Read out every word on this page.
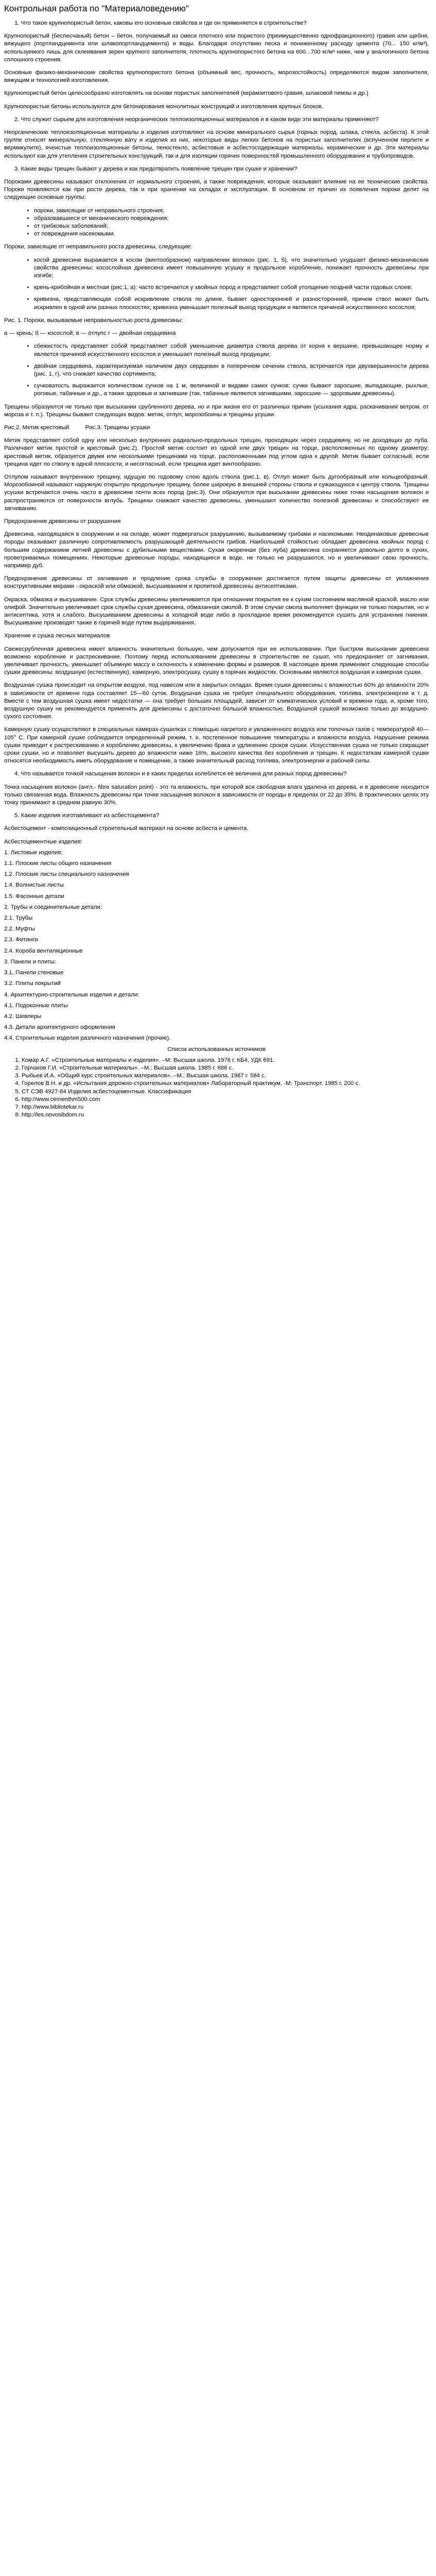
Контрольная работа по "Материаловедению"

1. Что такое крупнопористый бетон, каковы его основные свойства и где он применяется в строительстве?

Крупнопористый (беспесчаный) бетон – бетон, получаемый из смеси плотного или пористого (преимущественно однофракционного) гравия или щебня, вяжущего (портландцемента или шлакопортландцемента) и воды. Благодаря отсутствию песка и пониженному расходу цемента (70... 150 кг/м³), используемого лишь для склеивания зерен крупного заполнителя, плотность крупнопористого бетона на 600...700 кг/м³ ниже, чем у аналогичного бетона сплошного строения.

Основные физико-механические свойства крупнопористого бетона (объемный вес, прочность, морозостойкость) определяются видом заполнителя, вяжущим и технологией изготовления.

Крупнопористый бетон целесообразно изготовлять на основе пористых заполнителей (керамзитового гравия, шлаковой пемзы и др.)

Крупнопористые бетоны используются для бетонирования монолитных конструкций и изготовления крупных блоков.

2. Что служит сырьем для изготовления неорганических теплоизоляционных материалов и в каком виде эти материалы применяют?

Неорганические теплоизоляционные материалы и изделия изготовляют на основе минерального сырья (горных пород, шлака, стекла, асбеста). К этой группе относят минеральную, стеклянную вату и изделия из них, некоторые виды легких бетонов на пористых заполнителях (вспученном перлите и вермикулите), ячеистые теплоизоляционные бетоны, пеностекло, асбестовые и асбестосодержащие материалы, керамические и др. Эти материалы используют как для утепления строительных конструкций, так и для изоляции горячих поверхностей промышленного оборудования и трубопроводов.

3. Какие виды трещин бывают у дерева и как предотвратить появление трещин при сушке и хранении?

Пороками древесины называют отклонения от нормального строения, а также повреждения, которые оказывают влияние на ее технические свойства. Пороки появляются как при росте дерева, так и при хранении на складах и эксплуатации. В основном от причин их появления пороки делят на следующие основные группы:

• пороки, зависящие от неправильного строения;
• образовавшиеся от механического повреждения;
• от грибковых заболеваний;
• от повреждения насекомыми.

Пороки, зависящие от неправильного роста древесины, следующие:

• косой древесине выражается в косом (винтообразном) направлении волокон (рис. 1, б), что значительно ухудшает физико-механические свойства древесины: косослойная древесина имеет повышенную усушку и продольное коробление, понижает прочность древесины при изгибе;
• крень-крибойная и местная (рис.1, а): часто встречается у хвойных пород и представляет собой утолщение поздней части годовых слоев;
• кривизна, представляющая собой искривление ствола по длине, бывает односторонней и разносторонней, причем ствол может быть искривлен в одной или разных плоскостях; кривизна уменьшает полезный выход продукции и является причиной искусственного косослоя;

Рис. 1. Пороки, вызываемые неправильностью роста древесины:

а — крень; б — косослой; в — отлупс г — двойная сердцевина

• сбежистость представляет собой представляет собой уменьшение диаметра ствола дерева от корня к вершине, превышающее норму и является причиной искусственного косослоя и уменьшает полезный выход продукции;
• двойная сердцевина, характеризуемая наличием двух сердцевин в поперечном сечении ствола, встречается при двухвершинности дерева (рис. 1, г), что снижает качество сортимента;
• сучковатость выражается количеством сучков на 1 м, величиной и видами самих сучков; сучки бывают заросшие, выпадающие, рыхлые, роговые, табачные и др., а также здоровые и загнившие (так, табачные являются загнившими, заросшие — здоровыми древесины).

Трещины образуются не только при высыхании срубленного дерева, но и при жизни его от различных причин (усыхания ядра, раскачивания ветром, от мороза и т. п.). Трещины бывают следующих видов: метик, отлуп, морозобоины и трещины усушки.

Рис.2. Метик крестовый          Рис.3. Трещины усушки

Метик представляет собой одну или несколько внутренних радиально-продольных трещин, проходящих через сердцевину, но не доходящих до луба. Различают метик простой и крестовый (рис.2). Простой метик состоит из одной или двух трещин на торце, расположенных по одному диаметру; крестовый метик, образуется двумя или несколькими трещинами на торце, расположенными под углом одна к другой. Метик бывает согласный, если трещина идет по стволу в одной плоскости, и несогласный, если трещина идет винтообразно.

Отлупом называют внутреннюю трещину, идущую по годовому слою вдоль ствола (рис.1, в). Отлуп может быть дугообразный или кольцеобразный. Морозобоиной называют наружную открытую продольную трещину, более широкую в внешней стороны ствола и сужающуюся к центру ствола. Трещины усушки встречаются очень часто в древесине почти всех пород (рис.3). Они образуются при высыхании древесины ниже точки насыщения волокон и распространяются от поверхности вглубь. Трещины снижают качество древесины, уменьшают количество полезной древесины и способствуют ее загниванию.

Предохранение древесины от разрушения

Древесина, находящаяся в сооружении и на складе, может подвергаться разрушению, вызываемому грибами и насекомыми. Неодинаковые древесные породы оказывают различную сопротивляемость разрушающей деятельности грибов. Наибольшей стойкостью обладает древесина хвойных пород с большим содержанием летней древесины с дубильными веществами. Сухая окоренная (без луба) древесина сохраняется довольно долго в сухих, проветриваемых помещениях. Некоторые древесные породы, находящиеся в воде, не только не разрушаются, но и увеличивают свою прочность, например дуб.

Предохранение древесины от загнивания и продление срока службы в сооружении достигается путем защиты древесины от увлажнения конструктивными мерами - окраской или обмазкой, высушиванием и пропиткой древесины антисептиками.

Окраска, обмазка и высушивание. Срок службы древесины увеличивается при отношении покрытия ее к сухим состоянием масляной краской, масло или олифой. Значительно увеличивает срок службы сухая древесина, обмазанная смолой. В этом случае смола выполняет функции не только покрытия, но и антисептика, хотя и слабого. Высушиванием древесины в холодной воде либо в прохладное время рекомендуется сушить для устранения гниения. Высушивание производят также в горячей воде путем выдерживания.

Хранение и сушка лесных материалов

Свежесрубленная древесина имеет влажность значительно большую, чем допускается при ее использовании. При быстром высыхании древесина возможно коробление и растрескивание. Поэтому перед использованием древесины в строительстве ее сушат, что предохраняет от загнивания, увеличивает прочность, уменьшает объемную массу и склонность к изменению формы и размеров. В настоящее время применяют следующие способы сушки древесины: воздушную (естественную), камерную, электросушку, сушку в горячих жидкостях. Основными являются воздушная и камерная сушки.

Воздушная сушка происходит на открытом воздухе, под навесом или в закрытых складах. Время сушки древесины с влажностью 60% до влажности 20% в зависимости от времени года составляет 15—60 суток. Воздушная сушка не требует специального оборудования, топлива, электроэнергии и т. д. Вместе с тем воздушная сушка имеет недостатки — она требует больших площадей, зависит от климатических условий и времени года, и, кроме того, воздушную сушку не рекомендуется применять для древесины с достаточно большой влажностью. Воздушной сушкой возможно только до воздушно-сухого состояния.

Камерную сушку осуществляют в специальных камерах-сушилках с помощью нагретого и увлажненного воздуха или топочных газов с температурой 40—105° С. При камерной сушке соблюдается определенный режим, т. е. постепенное повышение температуры и влажности воздуха. Нарушение режима сушки приводит к растрескиванию и короблению древесины, к увеличению брака и удлинению сроков сушки. Искусственная сушка не только сокращает сроки сушки, но и позволяет высушить дерево до влажности ниже 16%, высокого качества без коробления и трещин. К недостаткам камерной сушки относятся необходимость иметь оборудование и помещение, а также значительный расход топлива, электроэнергии и рабочей силы.

4. Что называется точкой насыщения волокон и в каких пределах колеблется её величина для разных пород древесины?

Точка насыщения волокон (англ.- fibre saturation point) - это та влажность, при которой вся свободная влага удалена из дерева, и в древесине находится только связанная вода. Влажность древесины при точке насыщения волокон в зависимости от породы в пределах от 22 до 35%. В практических целях эту точку принимают в среднем равную 30%.

5. Какие изделия изготавливают из асбестоцемента?

Асбестоцемент - композиционный строительный материал на основе асбеста и цемента.

Асбестоцементные изделия:

1. Листовые изделия:

1.1. Плоские листы общего назначения

1.2. Плоские листы специального назначения

1.4. Волнистые листы

1.5. Фасонные детали

2. Трубы и соединительные детали:

2.1. Трубы

2.2. Муфты

2.3. Фитинги

2.4. Короба вентиляционные

3. Панели и плиты:

3.1. Панели стеновые

3.2. Плиты покрытий

4. Архитектурно-строительные изделия и детали:

4.1. Подоконные плиты

4.2. Шевлеры

4.3. Детали архитектурного оформления

4.4. Строительные изделия различного назначения (прочие).

Список использованных источников

1. Комар А.Г. «Строительные материалы и изделия». –М: Высшая школа. 1976 г. КБ4, УДК 691.
2. Горчаков Г.И. «Строительные материалы». –М.: Высшая школа. 1985 г. 686 с.
3. Рыбьев И.А. «Общий курс строительных материалов». –М.: Высшая школа. 1987 г. 584 с.
4. Горелов В.Н. и др. «Испытания дорожно-строительных материалов» Лабораторный практикум. -М: Транспорт. 1985 г. 200 с.
5. СТ СЭВ 4927-84 Изделия асбестоцементные. Классификация
6. http://www.cementhm500.com
7. http://www.bibliotekar.ru
8. http://les.novosibdom.ru
